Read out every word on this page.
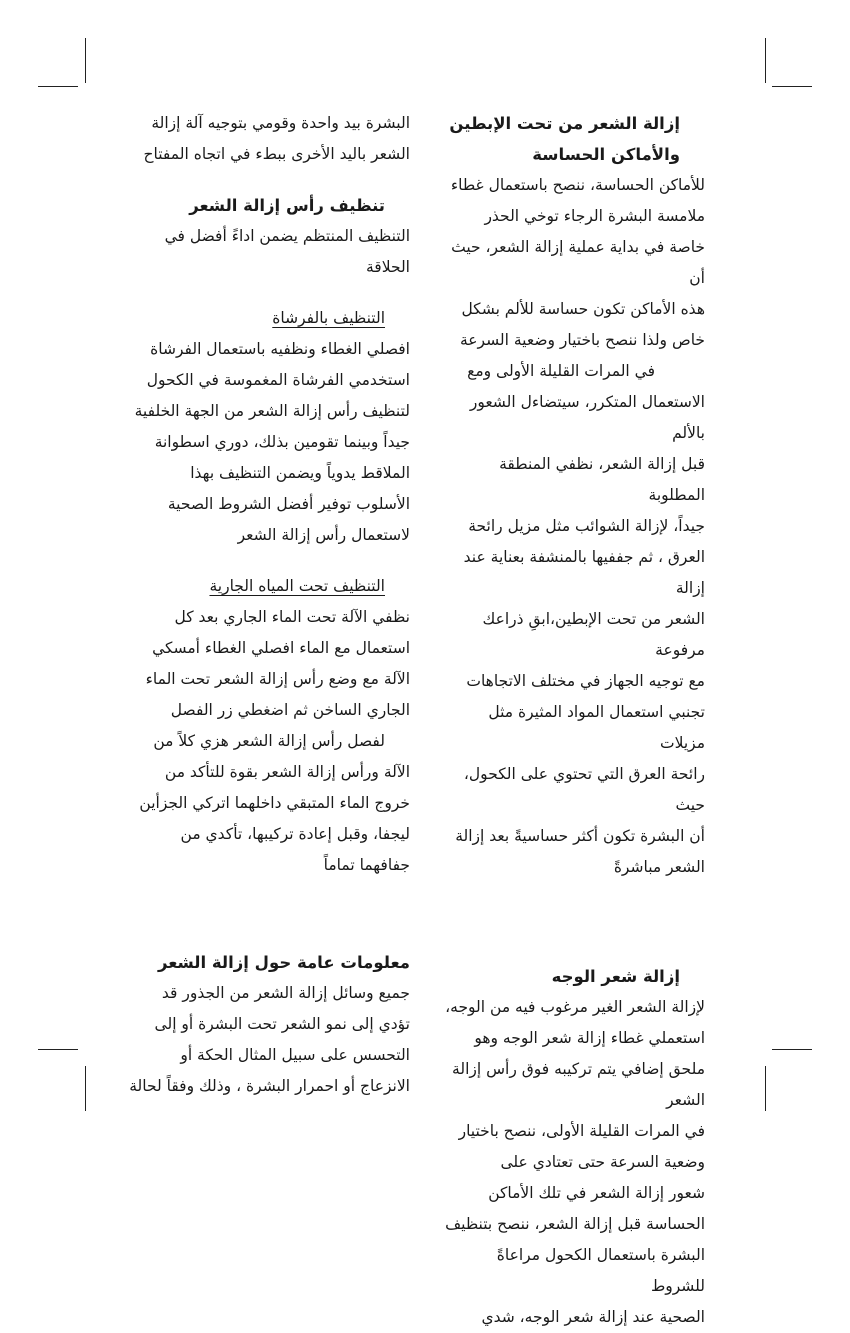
إزالة الشعر من تحت الإبطين

والأماكن الحساسة

للأماكن الحساسة، ننصح باستعمال غطاء

ملامسة البشرة الرجاء توخي الحذر

خاصة في بداية عملية إزالة الشعر، حيث أن

هذه الأماكن تكون حساسة للألم بشكل

خاص ولذا ننصح باختيار وضعية السرعة

في المرات القليلة الأولى ومع

الاستعمال المتكرر، سيتضاءل الشعور بالألم

قبل إزالة الشعر، نظفي المنطقة المطلوبة

جيداً، لإزالة الشوائب مثل مزيل رائحة

العرق ، ثم جففيها بالمنشفة بعناية عند إزالة

الشعر من تحت الإبطين،ابقِ ذراعك مرفوعة

مع توجيه الجهاز في مختلف الاتجاهات

تجنبي استعمال المواد المثيرة مثل مزيلات

رائحة العرق التي تحتوي على الكحول، حيث

أن البشرة تكون أكثر حساسيةً بعد إزالة

الشعر مباشرةً

إزالة شعر الوجه

لإزالة الشعر الغير مرغوب فيه من الوجه،

استعملي غطاء إزالة شعر الوجه وهو

ملحق إضافي يتم تركيبه فوق رأس إزالة

الشعر

في المرات القليلة الأولى، ننصح باختيار

وضعية السرعة حتى تعتادي على

شعور إزالة الشعر في تلك الأماكن

الحساسة قبل إزالة الشعر، ننصح بتنظيف

البشرة باستعمال الكحول مراعاةً للشروط

الصحية عند إزالة شعر الوجه، شدي

البشرة بيد واحدة وقومي بتوجيه آلة إزالة

الشعر باليد الأخرى ببطء في اتجاه المفتاح

تنظيف رأس إزالة الشعر

التنظيف المنتظم يضمن اداءً أفضل في

الحلاقة

التنظيف بالفرشاة

افصلي الغطاء ونظفيه باستعمال الفرشاة

استخدمي الفرشاة المغموسة في الكحول

لتنظيف رأس إزالة الشعر من الجهة الخلفية

جيداً وبينما تقومين بذلك، دوري اسطوانة

الملاقط يدوياً ويضمن التنظيف بهذا

الأسلوب توفير أفضل الشروط الصحية

لاستعمال رأس إزالة الشعر

التنظيف تحت المياه الجارية

نظفي الآلة تحت الماء الجاري بعد كل

استعمال مع الماء افصلي الغطاء أمسكي

الآلة مع وضع رأس إزالة الشعر تحت الماء

الجاري الساخن ثم اضغطي زر الفصل

لفصل رأس إزالة الشعر هزي كلاً من

الآلة ورأس إزالة الشعر بقوة للتأكد من

خروج الماء المتبقي داخلهما اتركي الجزأين

ليجفا، وقبل إعادة تركيبها، تأكدي من

جفافهما تماماً

معلومات عامة حول إزالة الشعر

جميع وسائل إزالة الشعر من الجذور قد

تؤدي إلى نمو الشعر تحت البشرة أو إلى

التحسس على سبيل المثال الحكة أو

الانزعاج أو احمرار البشرة ، وذلك وفقاً لحالة
